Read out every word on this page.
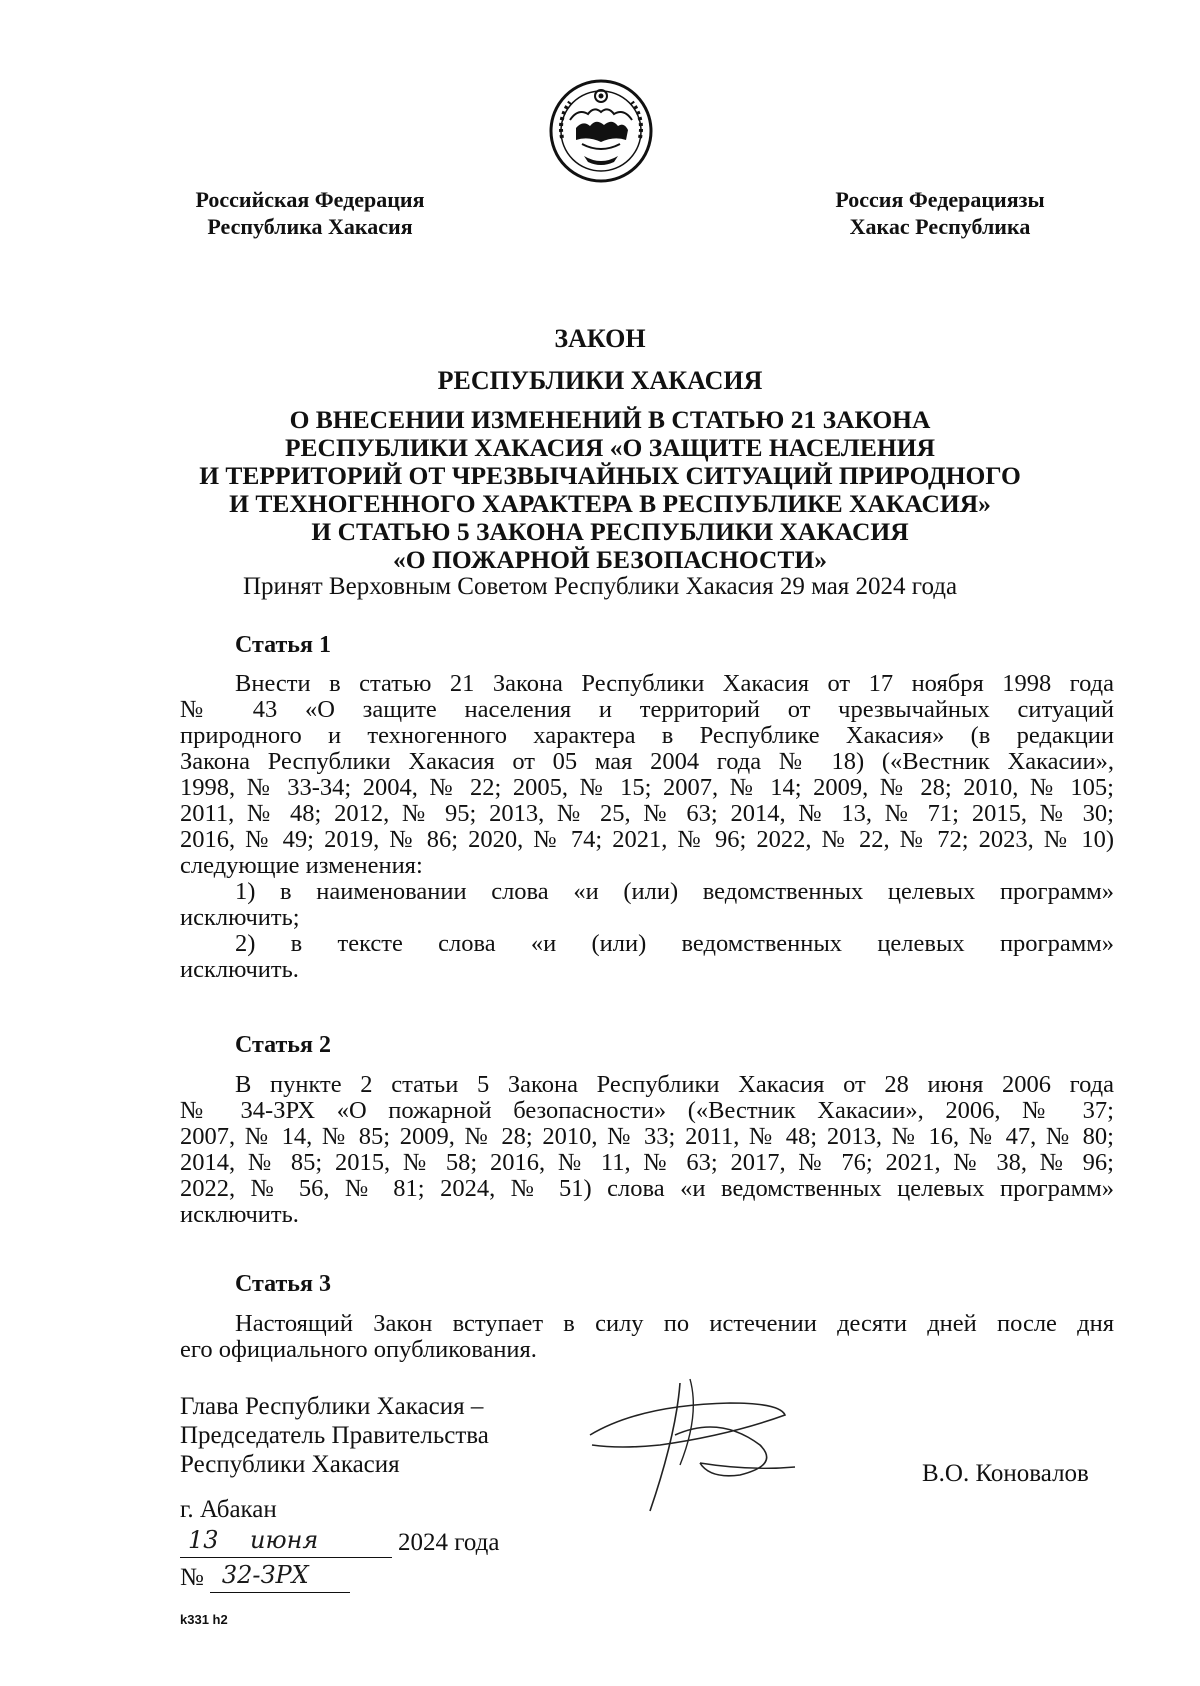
Российская Федерация
Республика Хакасия
Россия Федерациязы
Хакас Республика
ЗАКОН
РЕСПУБЛИКИ ХАКАСИЯ
О ВНЕСЕНИИ ИЗМЕНЕНИЙ В СТАТЬЮ 21 ЗАКОНА
РЕСПУБЛИКИ ХАКАСИЯ «О ЗАЩИТЕ НАСЕЛЕНИЯ
И ТЕРРИТОРИЙ ОТ ЧРЕЗВЫЧАЙНЫХ СИТУАЦИЙ ПРИРОДНОГО
И ТЕХНОГЕННОГО ХАРАКТЕРА В РЕСПУБЛИКЕ ХАКАСИЯ»
И СТАТЬЮ 5 ЗАКОНА РЕСПУБЛИКИ ХАКАСИЯ
«О ПОЖАРНОЙ БЕЗОПАСНОСТИ»
Принят Верховным Советом Республики Хакасия 29 мая 2024 года
Статья 1
Внести в статью 21 Закона Республики Хакасия от 17 ноября 1998 года
№ 43 «О защите населения и территорий от чрезвычайных ситуаций
природного и техногенного характера в Республике Хакасия» (в редакции
Закона Республики Хакасия от 05 мая 2004 года № 18) («Вестник Хакасии»,
1998, № 33-34; 2004, № 22; 2005, № 15; 2007, № 14; 2009, № 28; 2010, № 105;
2011, № 48; 2012, № 95; 2013, № 25, № 63; 2014, № 13, № 71; 2015, № 30;
2016, № 49; 2019, № 86; 2020, № 74; 2021, № 96; 2022, № 22, № 72; 2023, № 10)
следующие изменения:
1) в наименовании слова «и (или) ведомственных целевых программ»
исключить;
2) в тексте слова «и (или) ведомственных целевых программ»
исключить.
Статья 2
В пункте 2 статьи 5 Закона Республики Хакасия от 28 июня 2006 года
№ 34-ЗРХ «О пожарной безопасности» («Вестник Хакасии», 2006, № 37;
2007, № 14, № 85; 2009, № 28; 2010, № 33; 2011, № 48; 2013, № 16, № 47, № 80;
2014, № 85; 2015, № 58; 2016, № 11, № 63; 2017, № 76; 2021, № 38, № 96;
2022, № 56, № 81; 2024, № 51) слова «и ведомственных целевых программ»
исключить.
Статья 3
Настоящий Закон вступает в силу по истечении десяти дней после дня
его официального опубликования.
Глава Республики Хакасия –
Председатель Правительства
Республики Хакасия	В.О. Коновалов
г. Абакан
13 июня	2024 года
№ 32-ЗРХ
k331 h2
